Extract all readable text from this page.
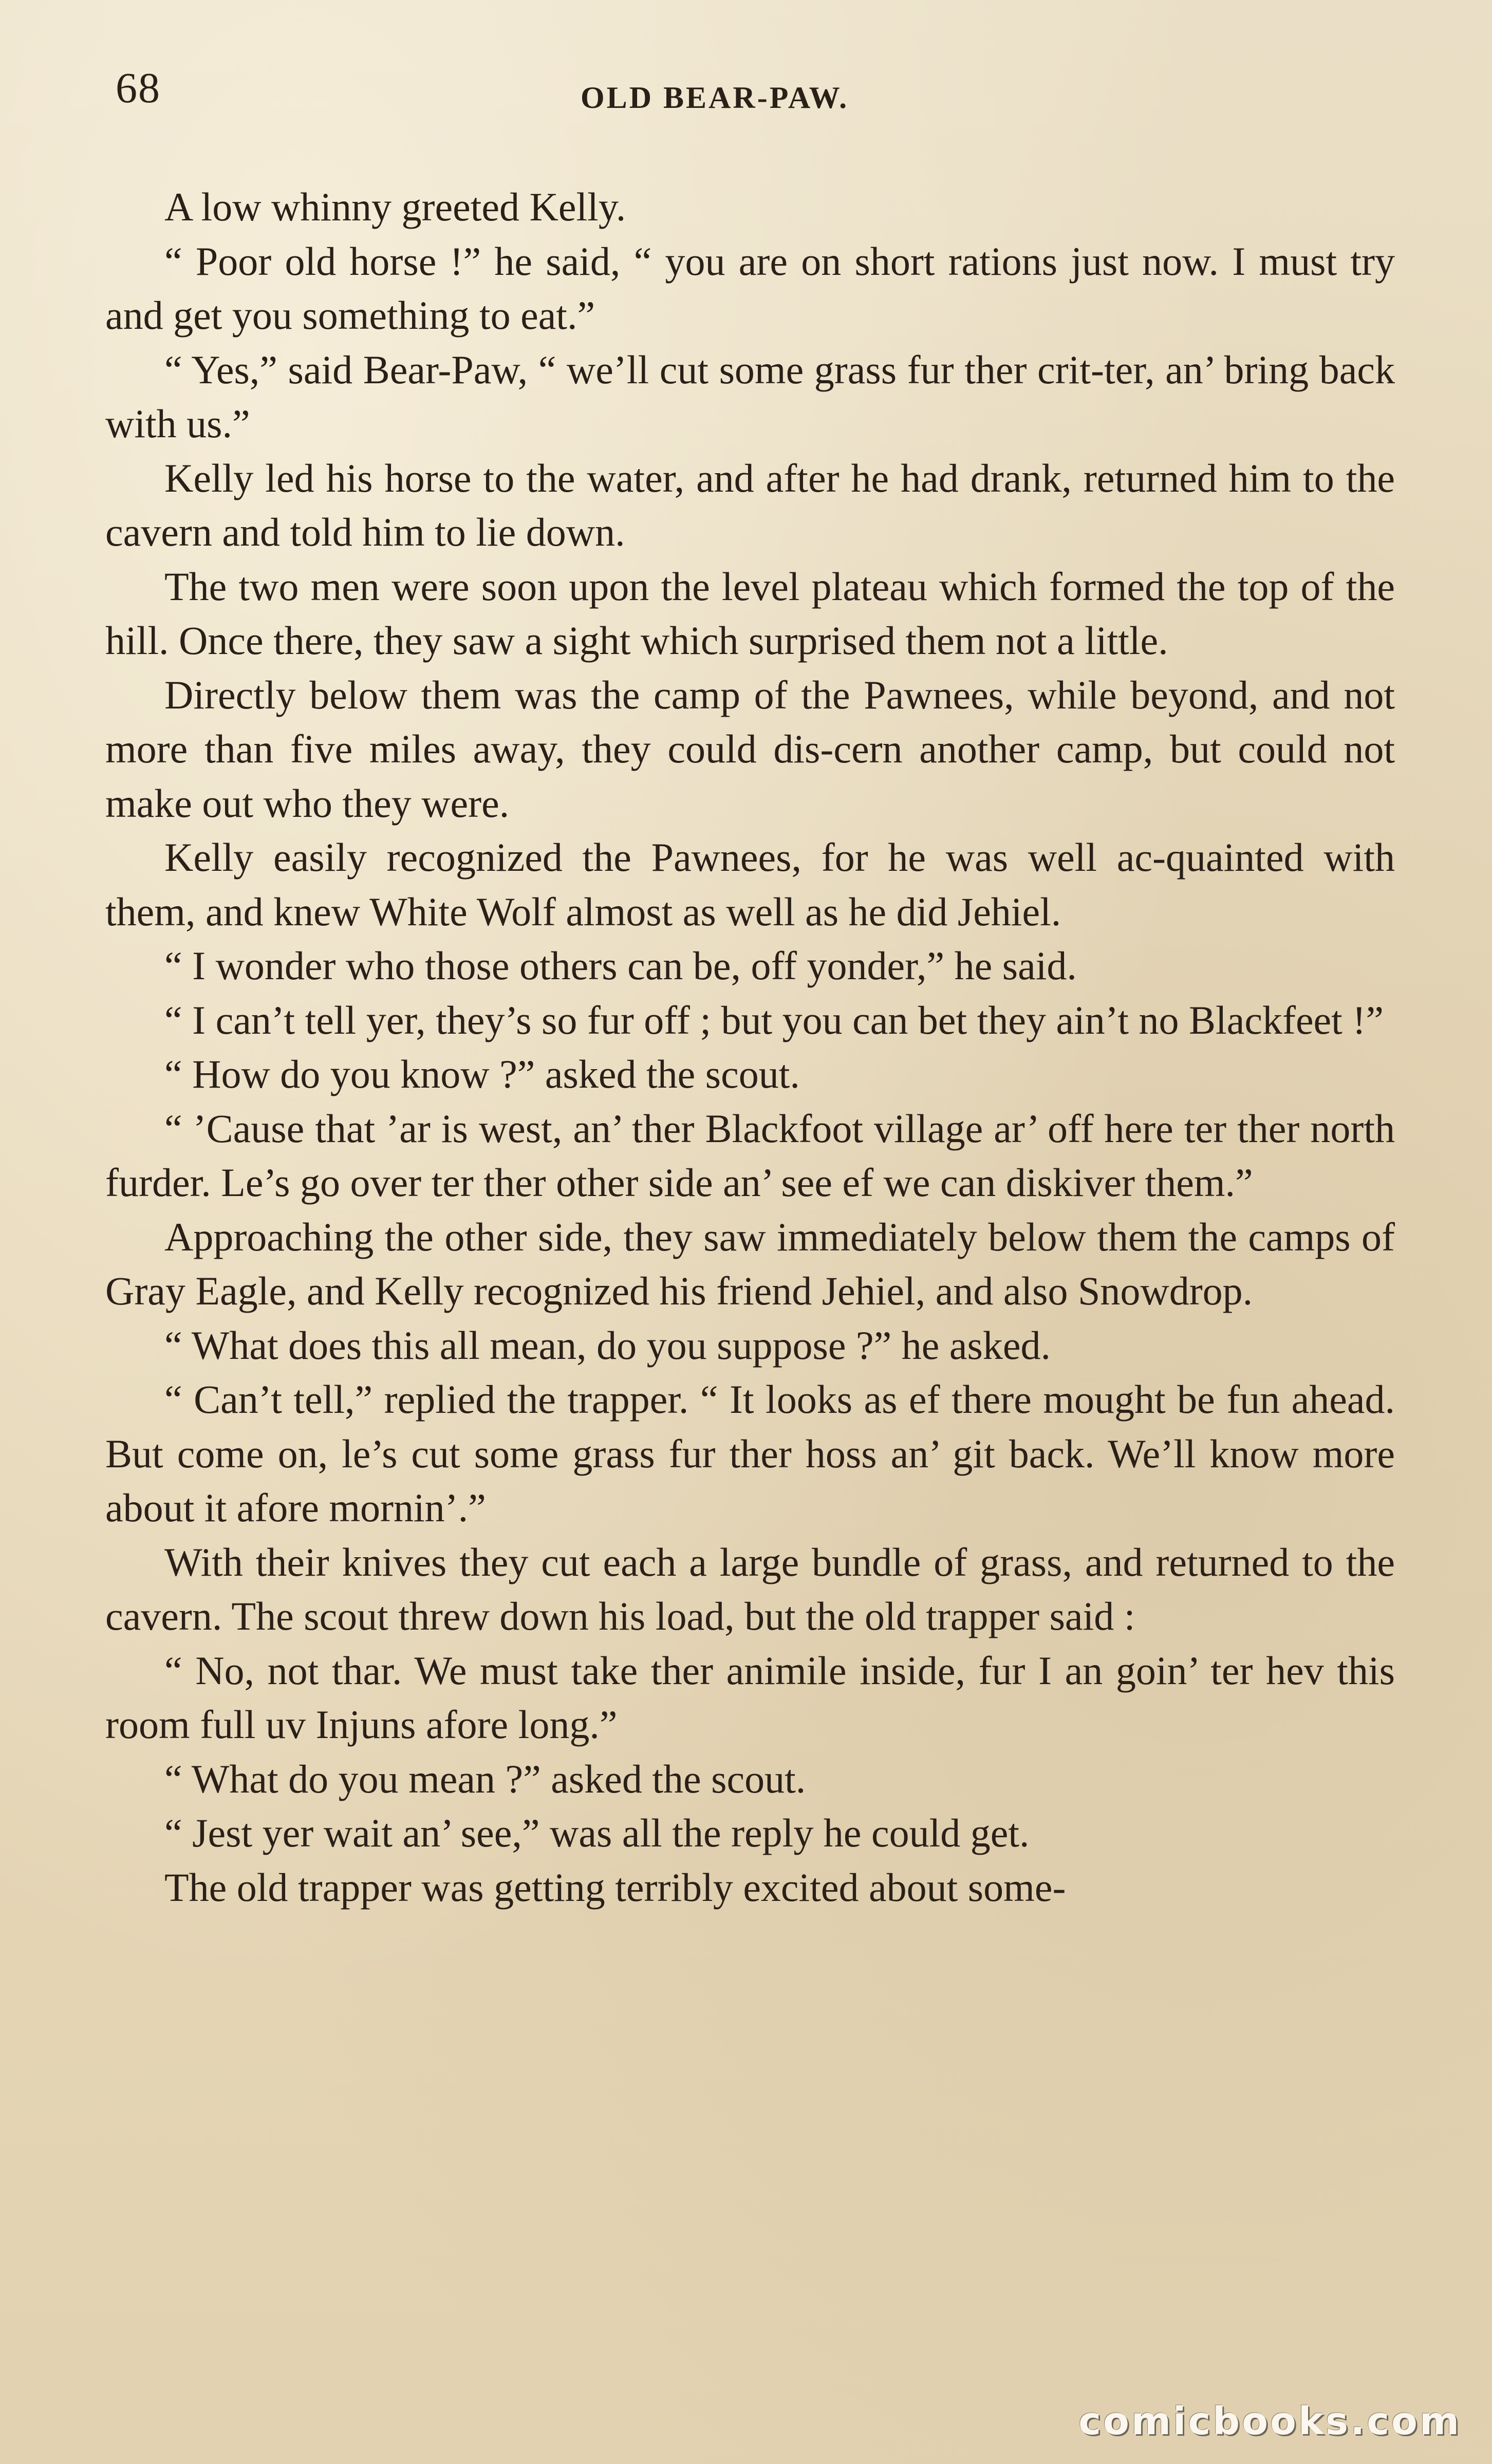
68	OLD BEAR-PAW.

A low whinny greeted Kelly.

“ Poor old horse !” he said, “ you are on short rations just now. I must try and get you something to eat.”

“ Yes,” said Bear-Paw, “ we’ll cut some grass fur ther crit-ter, an’ bring back with us.”

Kelly led his horse to the water, and after he had drank, returned him to the cavern and told him to lie down.

The two men were soon upon the level plateau which formed the top of the hill. Once there, they saw a sight which surprised them not a little.

Directly below them was the camp of the Pawnees, while beyond, and not more than five miles away, they could dis-cern another camp, but could not make out who they were.

Kelly easily recognized the Pawnees, for he was well ac-quainted with them, and knew White Wolf almost as well as he did Jehiel.

“ I wonder who those others can be, off yonder,” he said.

“ I can’t tell yer, they’s so fur off ; but you can bet they ain’t no Blackfeet !”

“ How do you know ?” asked the scout.

“ ’Cause that ’ar is west, an’ ther Blackfoot village ar’ off here ter ther north furder. Le’s go over ter ther other side an’ see ef we can diskiver them.”

Approaching the other side, they saw immediately below them the camps of Gray Eagle, and Kelly recognized his friend Jehiel, and also Snowdrop.

“ What does this all mean, do you suppose ?” he asked.

“ Can’t tell,” replied the trapper. “ It looks as ef there mought be fun ahead. But come on, le’s cut some grass fur ther hoss an’ git back. We’ll know more about it afore mornin’.”

With their knives they cut each a large bundle of grass, and returned to the cavern. The scout threw down his load, but the old trapper said :

“ No, not thar. We must take ther animile inside, fur I an goin’ ter hev this room full uv Injuns afore long.”

“ What do you mean ?” asked the scout.

“ Jest yer wait an’ see,” was all the reply he could get.

The old trapper was getting terribly excited about some-

comicbooks.com
